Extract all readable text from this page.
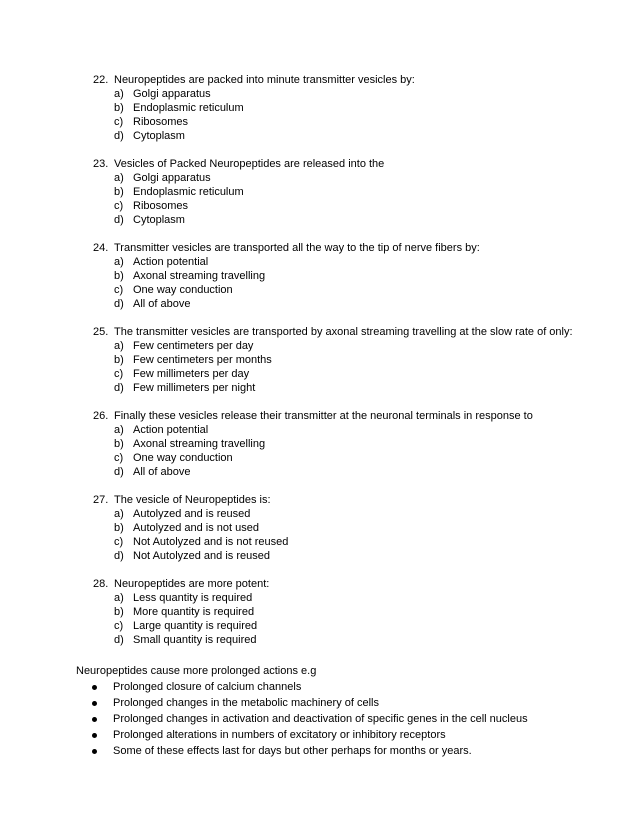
22. Neuropeptides are packed into minute transmitter vesicles by:
a) Golgi apparatus
b) Endoplasmic reticulum
c) Ribosomes
d) Cytoplasm
23. Vesicles of Packed Neuropeptides are released into the
a) Golgi apparatus
b) Endoplasmic reticulum
c) Ribosomes
d) Cytoplasm
24. Transmitter vesicles are transported all the way to the tip of nerve fibers by:
a) Action potential
b) Axonal streaming travelling
c) One way conduction
d) All of above
25. The transmitter vesicles are transported by axonal streaming travelling at the slow rate of only:
a) Few centimeters per day
b) Few centimeters per months
c) Few millimeters per day
d) Few millimeters per night
26. Finally these vesicles release their transmitter at the neuronal terminals in response to
a) Action potential
b) Axonal streaming travelling
c) One way conduction
d) All of above
27. The vesicle of Neuropeptides is:
a) Autolyzed and is reused
b) Autolyzed and is not used
c) Not Autolyzed and is not reused
d) Not Autolyzed and is reused
28. Neuropeptides are more potent:
a) Less quantity is required
b) More quantity is required
c) Large quantity is required
d) Small quantity is required
Neuropeptides cause more prolonged actions e.g
Prolonged closure of calcium channels
Prolonged changes in the metabolic machinery of cells
Prolonged changes in activation and deactivation of specific genes in the cell nucleus
Prolonged alterations in numbers of excitatory or inhibitory receptors
Some of these effects last for days but other perhaps for months or years.
